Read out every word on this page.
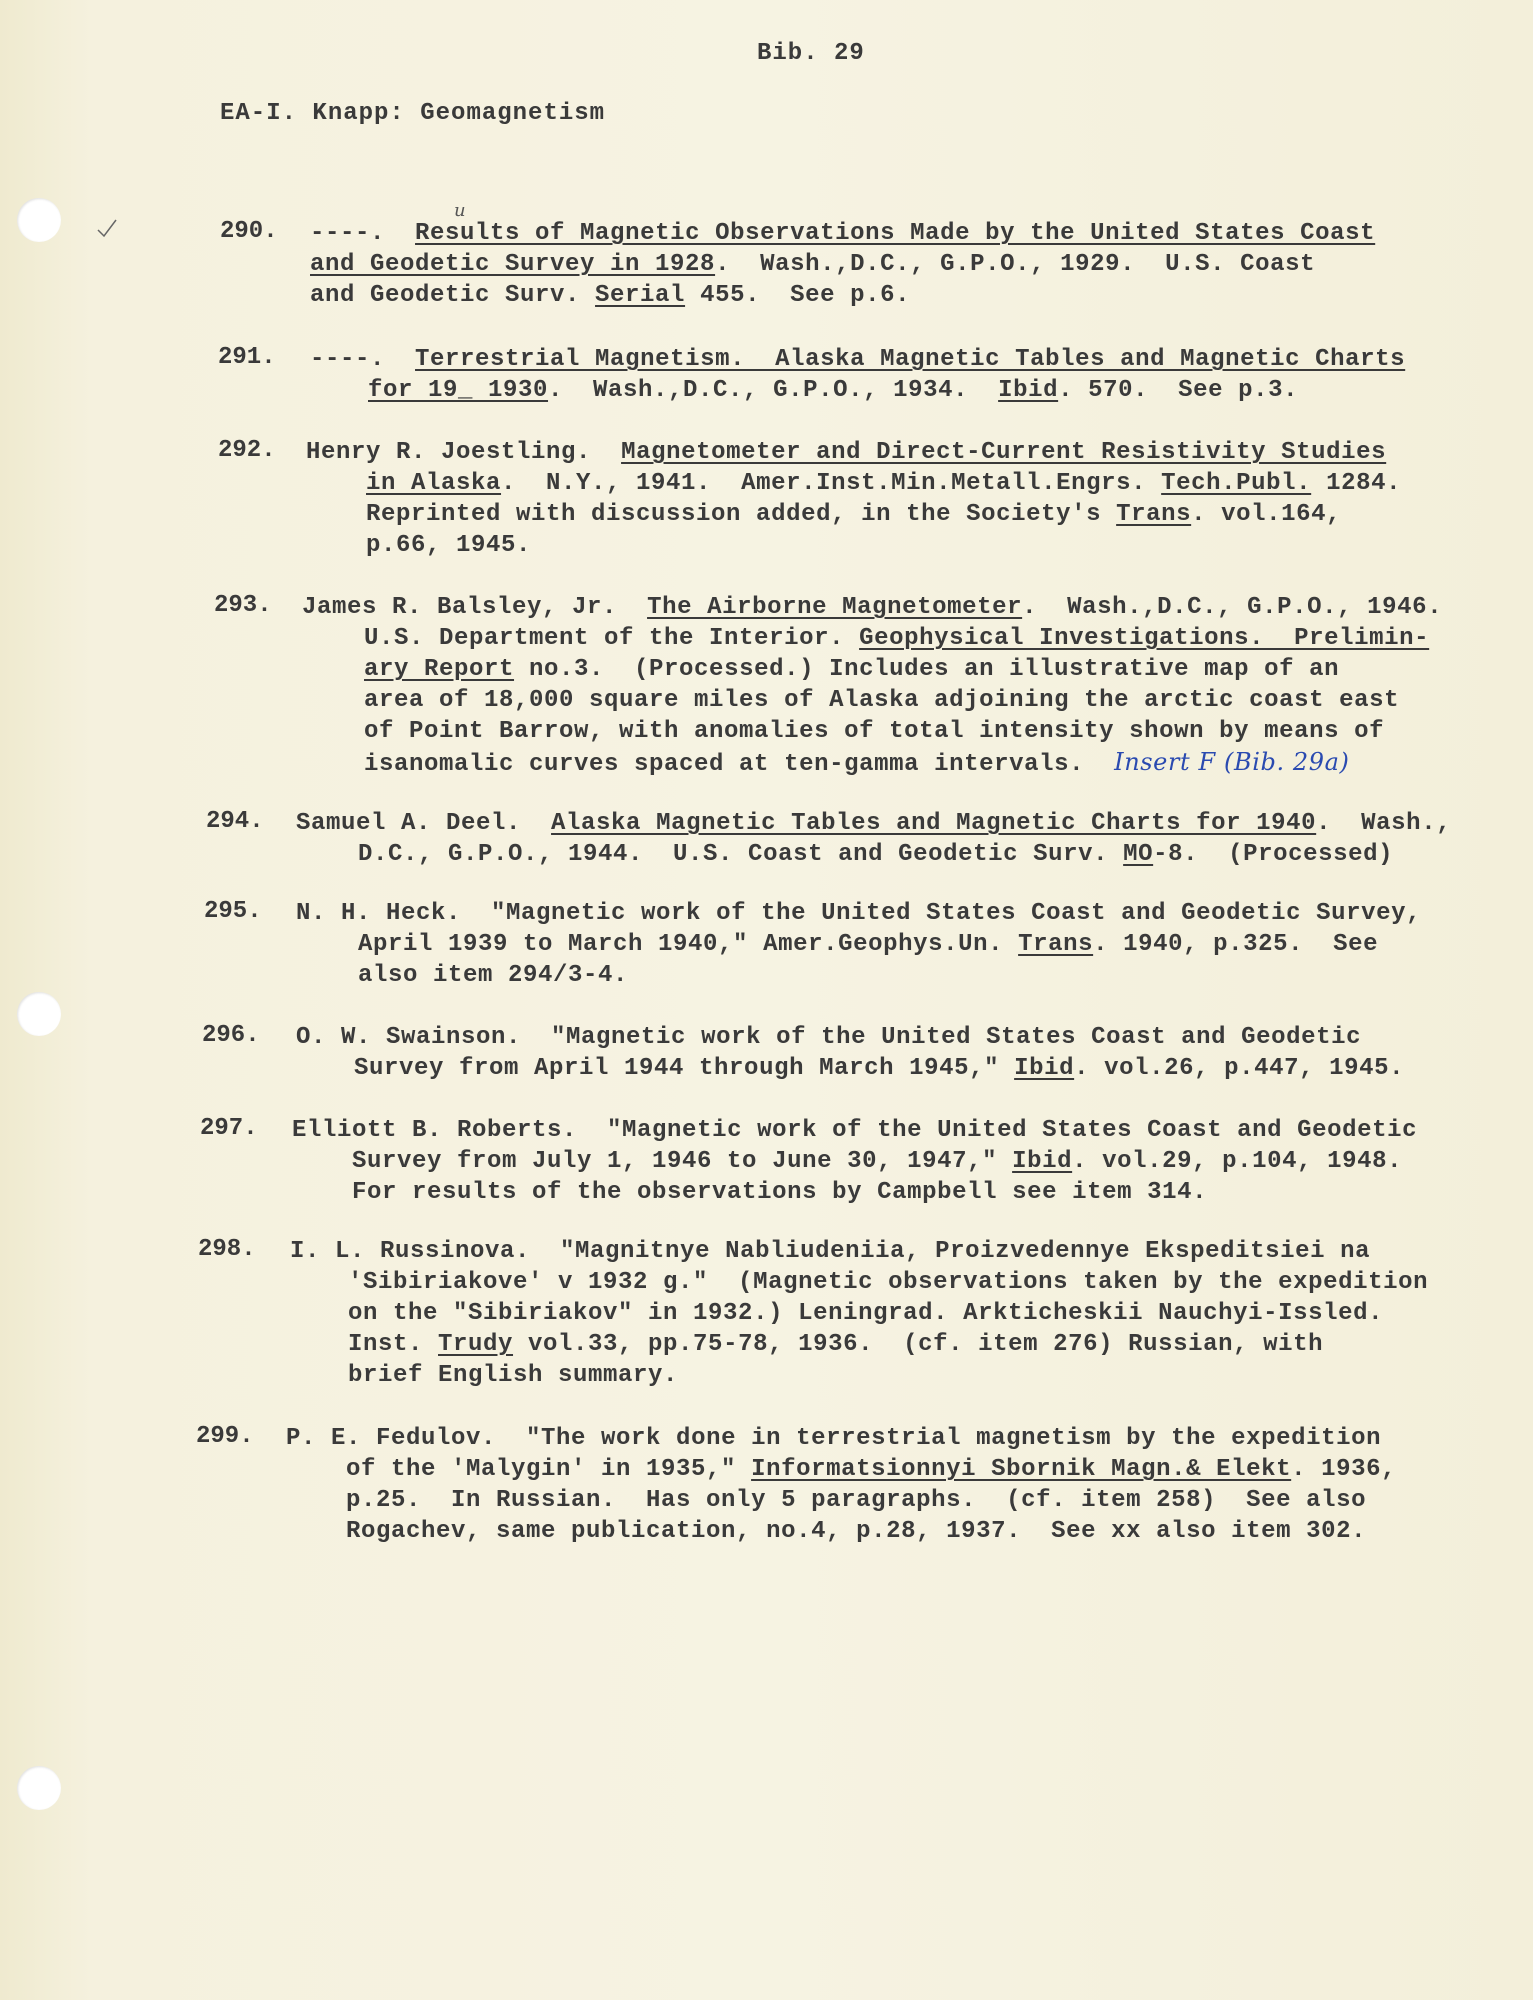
Bib. 29
EA-I. Knapp: Geomagnetism
u
290.	----.  Results of Magnetic Observations Made by the United States Coast
and Geodetic Survey in 1928.  Wash.,D.C., G.P.O., 1929.  U.S. Coast
and Geodetic Surv. Serial 455.  See p.6.
291.	----.  Terrestrial Magnetism.  Alaska Magnetic Tables and Magnetic Charts
for 19_ 1930.  Wash.,D.C., G.P.O., 1934.  Ibid. 570.  See p.3.
292.	Henry R. Joestling.  Magnetometer and Direct-Current Resistivity Studies
in Alaska.  N.Y., 1941.  Amer.Inst.Min.Metall.Engrs. Tech.Publ. 1284.
Reprinted with discussion added, in the Society's Trans. vol.164,
p.66, 1945.
293.	James R. Balsley, Jr.  The Airborne Magnetometer.  Wash.,D.C., G.P.O., 1946.
U.S. Department of the Interior. Geophysical Investigations.  Prelimin-
ary Report no.3.  (Processed.) Includes an illustrative map of an
area of 18,000 square miles of Alaska adjoining the arctic coast east
of Point Barrow, with anomalies of total intensity shown by means of
isanomalic curves spaced at ten-gamma intervals.  Insert F (Bib. 29a)
294.	Samuel A. Deel.  Alaska Magnetic Tables and Magnetic Charts for 1940.  Wash.,
D.C., G.P.O., 1944.  U.S. Coast and Geodetic Surv. MO-8.  (Processed)
295.	N. H. Heck.  "Magnetic work of the United States Coast and Geodetic Survey,
April 1939 to March 1940," Amer.Geophys.Un. Trans. 1940, p.325.  See
also item 294/3-4.
296.	O. W. Swainson.  "Magnetic work of the United States Coast and Geodetic
Survey from April 1944 through March 1945," Ibid. vol.26, p.447, 1945.
297.	Elliott B. Roberts.  "Magnetic work of the United States Coast and Geodetic
Survey from July 1, 1946 to June 30, 1947," Ibid. vol.29, p.104, 1948.
For results of the observations by Campbell see item 314.
298.	I. L. Russinova.  "Magnitnye Nabliudeniia, Proizvedennye Ekspeditsiei na
'Sibiriakove' v 1932 g."  (Magnetic observations taken by the expedition
on the "Sibiriakov" in 1932.) Leningrad. Arkticheskii Nauchyi-Issled.
Inst. Trudy vol.33, pp.75-78, 1936.  (cf. item 276) Russian, with
brief English summary.
299.	P. E. Fedulov.  "The work done in terrestrial magnetism by the expedition
of the 'Malygin' in 1935," Informatsionnyi Sbornik Magn.& Elekt. 1936,
p.25.  In Russian.  Has only 5 paragraphs.  (cf. item 258)  See also
Rogachev, same publication, no.4, p.28, 1937.  See xx also item 302.
